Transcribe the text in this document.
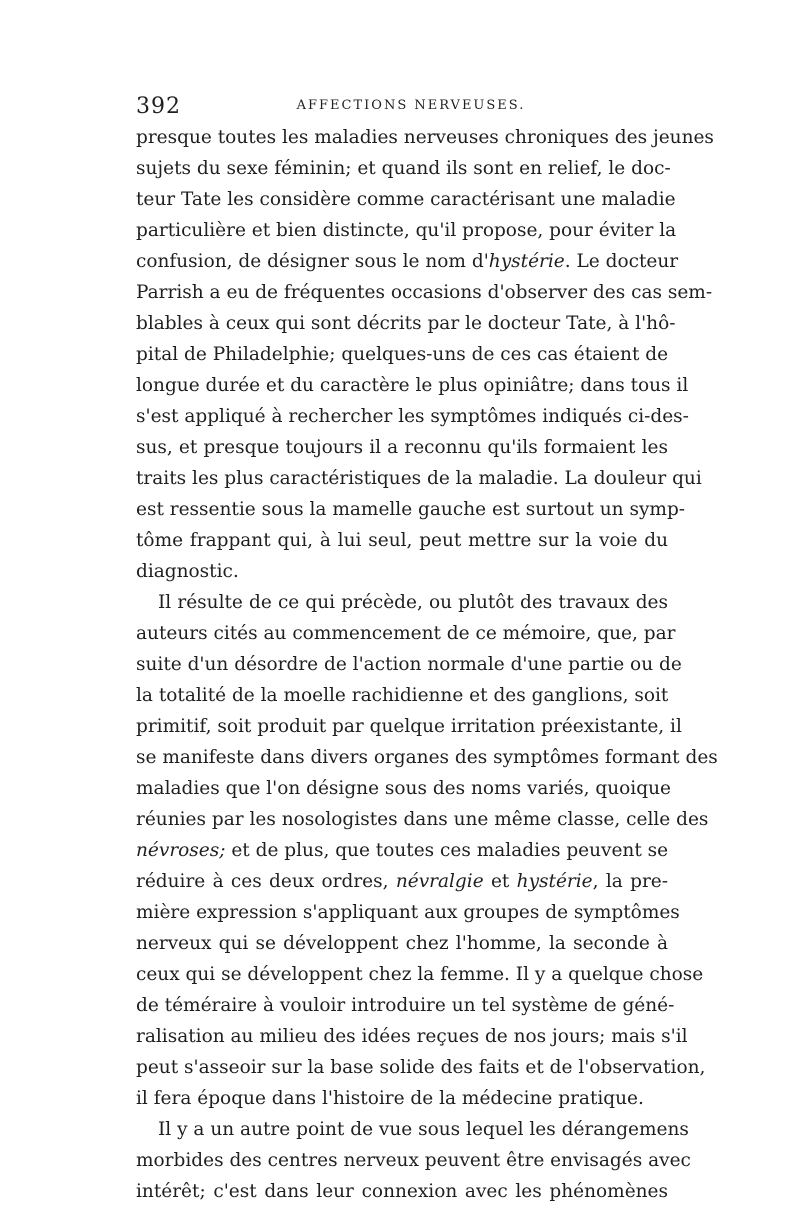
392	AFFECTIONS NERVEUSES.
presque toutes les maladies nerveuses chroniques des jeunes
sujets du sexe féminin; et quand ils sont en relief, le doc-
teur Tate les considère comme caractérisant une maladie
particulière et bien distincte, qu'il propose, pour éviter la
confusion, de désigner sous le nom d'hystérie. Le docteur
Parrish a eu de fréquentes occasions d'observer des cas sem-
blables à ceux qui sont décrits par le docteur Tate, à l'hô-
pital de Philadelphie; quelques-uns de ces cas étaient de
longue durée et du caractère le plus opiniâtre; dans tous il
s'est appliqué à rechercher les symptômes indiqués ci-des-
sus, et presque toujours il a reconnu qu'ils formaient les
traits les plus caractéristiques de la maladie. La douleur qui
est ressentie sous la mamelle gauche est surtout un symp-
tôme frappant qui, à lui seul, peut mettre sur la voie du
diagnostic.
Il résulte de ce qui précède, ou plutôt des travaux des
auteurs cités au commencement de ce mémoire, que, par
suite d'un désordre de l'action normale d'une partie ou de
la totalité de la moelle rachidienne et des ganglions, soit
primitif, soit produit par quelque irritation préexistante, il
se manifeste dans divers organes des symptômes formant des
maladies que l'on désigne sous des noms variés, quoique
réunies par les nosologistes dans une même classe, celle des
névroses; et de plus, que toutes ces maladies peuvent se
réduire à ces deux ordres, névralgie et hystérie, la pre-
mière expression s'appliquant aux groupes de symptômes
nerveux qui se développent chez l'homme, la seconde à
ceux qui se développent chez la femme. Il y a quelque chose
de téméraire à vouloir introduire un tel système de géné-
ralisation au milieu des idées reçues de nos jours; mais s'il
peut s'asseoir sur la base solide des faits et de l'observation,
il fera époque dans l'histoire de la médecine pratique.
Il y a un autre point de vue sous lequel les dérangemens
morbides des centres nerveux peuvent être envisagés avec
intérêt; c'est dans leur connexion avec les phénomènes
